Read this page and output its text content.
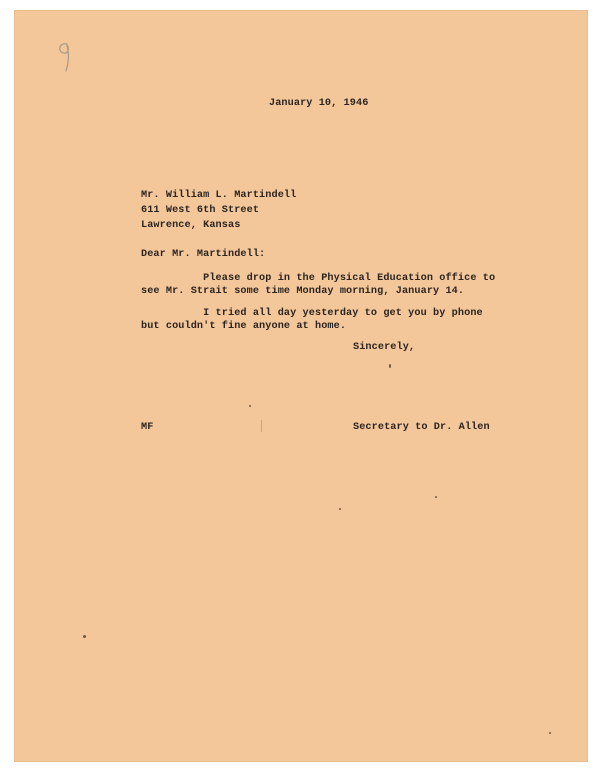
January 10, 1946
Mr. William L. Martindell
611 West 6th Street
Lawrence, Kansas
Dear Mr. Martindell:
Please drop in the Physical Education office to
see Mr. Strait some time Monday morning, January 14.
I tried all day yesterday to get you by phone
but couldn't fine anyone at home.
Sincerely,
MF	Secretary to Dr. Allen
